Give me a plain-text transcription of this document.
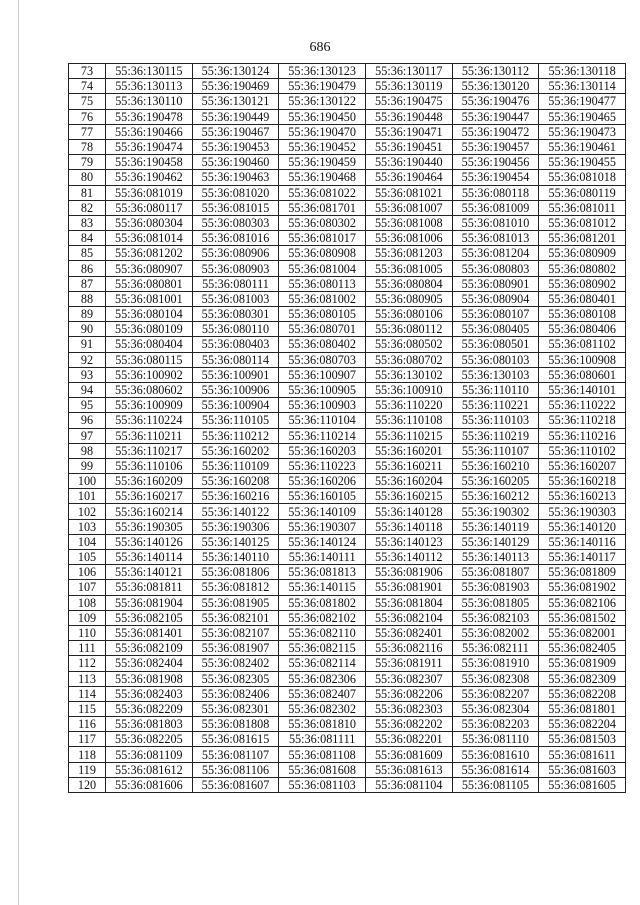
686
73	55:36:130115	55:36:130124	55:36:130123	55:36:130117	55:36:130112	55:36:130118
74	55:36:130113	55:36:190469	55:36:190479	55:36:130119	55:36:130120	55:36:130114
75	55:36:130110	55:36:130121	55:36:130122	55:36:190475	55:36:190476	55:36:190477
76	55:36:190478	55:36:190449	55:36:190450	55:36:190448	55:36:190447	55:36:190465
77	55:36:190466	55:36:190467	55:36:190470	55:36:190471	55:36:190472	55:36:190473
78	55:36:190474	55:36:190453	55:36:190452	55:36:190451	55:36:190457	55:36:190461
79	55:36:190458	55:36:190460	55:36:190459	55:36:190440	55:36:190456	55:36:190455
80	55:36:190462	55:36:190463	55:36:190468	55:36:190464	55:36:190454	55:36:081018
81	55:36:081019	55:36:081020	55:36:081022	55:36:081021	55:36:080118	55:36:080119
82	55:36:080117	55:36:081015	55:36:081701	55:36:081007	55:36:081009	55:36:081011
83	55:36:080304	55:36:080303	55:36:080302	55:36:081008	55:36:081010	55:36:081012
84	55:36:081014	55:36:081016	55:36:081017	55:36:081006	55:36:081013	55:36:081201
85	55:36:081202	55:36:080906	55:36:080908	55:36:081203	55:36:081204	55:36:080909
86	55:36:080907	55:36:080903	55:36:081004	55:36:081005	55:36:080803	55:36:080802
87	55:36:080801	55:36:080111	55:36:080113	55:36:080804	55:36:080901	55:36:080902
88	55:36:081001	55:36:081003	55:36:081002	55:36:080905	55:36:080904	55:36:080401
89	55:36:080104	55:36:080301	55:36:080105	55:36:080106	55:36:080107	55:36:080108
90	55:36:080109	55:36:080110	55:36:080701	55:36:080112	55:36:080405	55:36:080406
91	55:36:080404	55:36:080403	55:36:080402	55:36:080502	55:36:080501	55:36:081102
92	55:36:080115	55:36:080114	55:36:080703	55:36:080702	55:36:080103	55:36:100908
93	55:36:100902	55:36:100901	55:36:100907	55:36:130102	55:36:130103	55:36:080601
94	55:36:080602	55:36:100906	55:36:100905	55:36:100910	55:36:110110	55:36:140101
95	55:36:100909	55:36:100904	55:36:100903	55:36:110220	55:36:110221	55:36:110222
96	55:36:110224	55:36:110105	55:36:110104	55:36:110108	55:36:110103	55:36:110218
97	55:36:110211	55:36:110212	55:36:110214	55:36:110215	55:36:110219	55:36:110216
98	55:36:110217	55:36:160202	55:36:160203	55:36:160201	55:36:110107	55:36:110102
99	55:36:110106	55:36:110109	55:36:110223	55:36:160211	55:36:160210	55:36:160207
100	55:36:160209	55:36:160208	55:36:160206	55:36:160204	55:36:160205	55:36:160218
101	55:36:160217	55:36:160216	55:36:160105	55:36:160215	55:36:160212	55:36:160213
102	55:36:160214	55:36:140122	55:36:140109	55:36:140128	55:36:190302	55:36:190303
103	55:36:190305	55:36:190306	55:36:190307	55:36:140118	55:36:140119	55:36:140120
104	55:36:140126	55:36:140125	55:36:140124	55:36:140123	55:36:140129	55:36:140116
105	55:36:140114	55:36:140110	55:36:140111	55:36:140112	55:36:140113	55:36:140117
106	55:36:140121	55:36:081806	55:36:081813	55:36:081906	55:36:081807	55:36:081809
107	55:36:081811	55:36:081812	55:36:140115	55:36:081901	55:36:081903	55:36:081902
108	55:36:081904	55:36:081905	55:36:081802	55:36:081804	55:36:081805	55:36:082106
109	55:36:082105	55:36:082101	55:36:082102	55:36:082104	55:36:082103	55:36:081502
110	55:36:081401	55:36:082107	55:36:082110	55:36:082401	55:36:082002	55:36:082001
111	55:36:082109	55:36:081907	55:36:082115	55:36:082116	55:36:082111	55:36:082405
112	55:36:082404	55:36:082402	55:36:082114	55:36:081911	55:36:081910	55:36:081909
113	55:36:081908	55:36:082305	55:36:082306	55:36:082307	55:36:082308	55:36:082309
114	55:36:082403	55:36:082406	55:36:082407	55:36:082206	55:36:082207	55:36:082208
115	55:36:082209	55:36:082301	55:36:082302	55:36:082303	55:36:082304	55:36:081801
116	55:36:081803	55:36:081808	55:36:081810	55:36:082202	55:36:082203	55:36:082204
117	55:36:082205	55:36:081615	55:36:081111	55:36:082201	55:36:081110	55:36:081503
118	55:36:081109	55:36:081107	55:36:081108	55:36:081609	55:36:081610	55:36:081611
119	55:36:081612	55:36:081106	55:36:081608	55:36:081613	55:36:081614	55:36:081603
120	55:36:081606	55:36:081607	55:36:081103	55:36:081104	55:36:081105	55:36:081605
